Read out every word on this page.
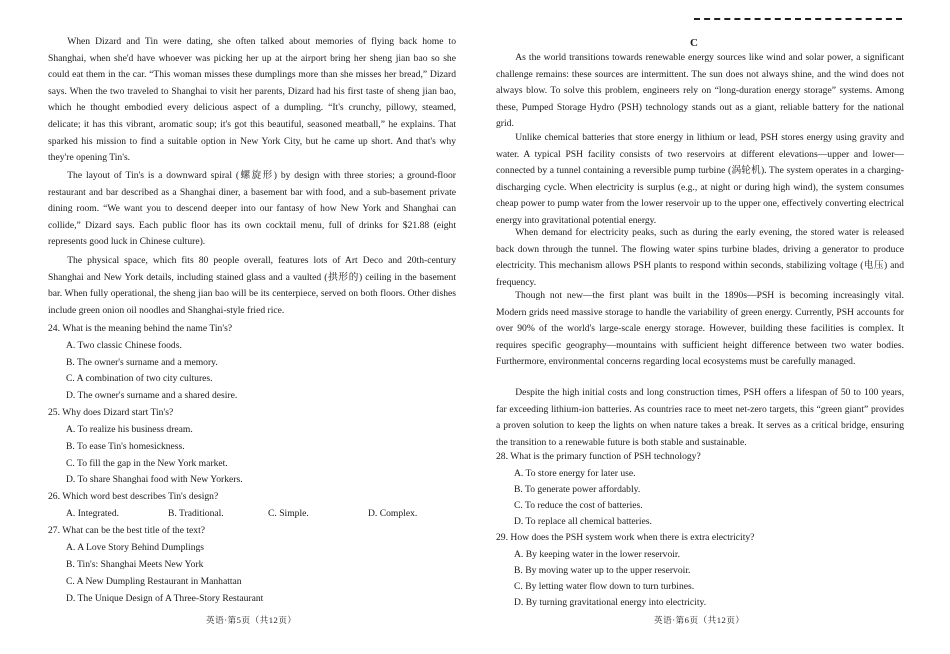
When Dizard and Tin were dating, she often talked about memories of flying back home to Shanghai, when she'd have whoever was picking her up at the airport bring her sheng jian bao so she could eat them in the car. “This woman misses these dumplings more than she misses her bread,” Dizard says. When the two traveled to Shanghai to visit her parents, Dizard had his first taste of sheng jian bao, which he thought embodied every delicious aspect of a dumpling. “It's crunchy, pillowy, steamed, delicate; it has this vibrant, aromatic soup; it's got this beautiful, seasoned meatball,” he explains. That sparked his mission to find a suitable option in New York City, but he came up short. And that's why they're opening Tin's.
The layout of Tin's is a downward spiral (螺旋形) by design with three stories; a ground-floor restaurant and bar described as a Shanghai diner, a basement bar with food, and a sub-basement private dining room. “We want you to descend deeper into our fantasy of how New York and Shanghai can collide,” Dizard says. Each public floor has its own cocktail menu, full of drinks for $21.88 (eight represents good luck in Chinese culture).
The physical space, which fits 80 people overall, features lots of Art Deco and 20th-century Shanghai and New York details, including stained glass and a vaulted (拱形的) ceiling in the basement bar. When fully operational, the sheng jian bao will be its centerpiece, served on both floors. Other dishes include green onion oil noodles and Shanghai-style fried rice.
24. What is the meaning behind the name Tin's?
A. Two classic Chinese foods.
B. The owner's surname and a memory.
C. A combination of two city cultures.
D. The owner's surname and a shared desire.
25. Why does Dizard start Tin's?
A. To realize his business dream.
B. To ease Tin's homesickness.
C. To fill the gap in the New York market.
D. To share Shanghai food with New Yorkers.
26. Which word best describes Tin's design?
A. Integrated.	B. Traditional.	C. Simple.	D. Complex.
27. What can be the best title of the text?
A. A Love Story Behind Dumplings
B. Tin's: Shanghai Meets New York
C. A New Dumpling Restaurant in Manhattan
D. The Unique Design of A Three-Story Restaurant
英语·第5页（共12页）
C
As the world transitions towards renewable energy sources like wind and solar power, a significant challenge remains: these sources are intermittent. The sun does not always shine, and the wind does not always blow. To solve this problem, engineers rely on “long-duration energy storage” systems. Among these, Pumped Storage Hydro (PSH) technology stands out as a giant, reliable battery for the national grid.
Unlike chemical batteries that store energy in lithium or lead, PSH stores energy using gravity and water. A typical PSH facility consists of two reservoirs at different elevations—upper and lower—connected by a tunnel containing a reversible pump turbine (涡轮机). The system operates in a charging-discharging cycle. When electricity is surplus (e.g., at night or during high wind), the system consumes cheap power to pump water from the lower reservoir up to the upper one, effectively converting electrical energy into gravitational potential energy.
When demand for electricity peaks, such as during the early evening, the stored water is released back down through the tunnel. The flowing water spins turbine blades, driving a generator to produce electricity. This mechanism allows PSH plants to respond within seconds, stabilizing voltage (电压) and frequency.
Though not new—the first plant was built in the 1890s—PSH is becoming increasingly vital. Modern grids need massive storage to handle the variability of green energy. Currently, PSH accounts for over 90% of the world's large-scale energy storage. However, building these facilities is complex. It requires specific geography—mountains with sufficient height difference between two water bodies. Furthermore, environmental concerns regarding local ecosystems must be carefully managed.
Despite the high initial costs and long construction times, PSH offers a lifespan of 50 to 100 years, far exceeding lithium-ion batteries. As countries race to meet net-zero targets, this “green giant” provides a proven solution to keep the lights on when nature takes a break. It serves as a critical bridge, ensuring the transition to a renewable future is both stable and sustainable.
28. What is the primary function of PSH technology?
A. To store energy for later use.
B. To generate power affordably.
C. To reduce the cost of batteries.
D. To replace all chemical batteries.
29. How does the PSH system work when there is extra electricity?
A. By keeping water in the lower reservoir.
B. By moving water up to the upper reservoir.
C. By letting water flow down to turn turbines.
D. By turning gravitational energy into electricity.
英语·第6页（共12页）
